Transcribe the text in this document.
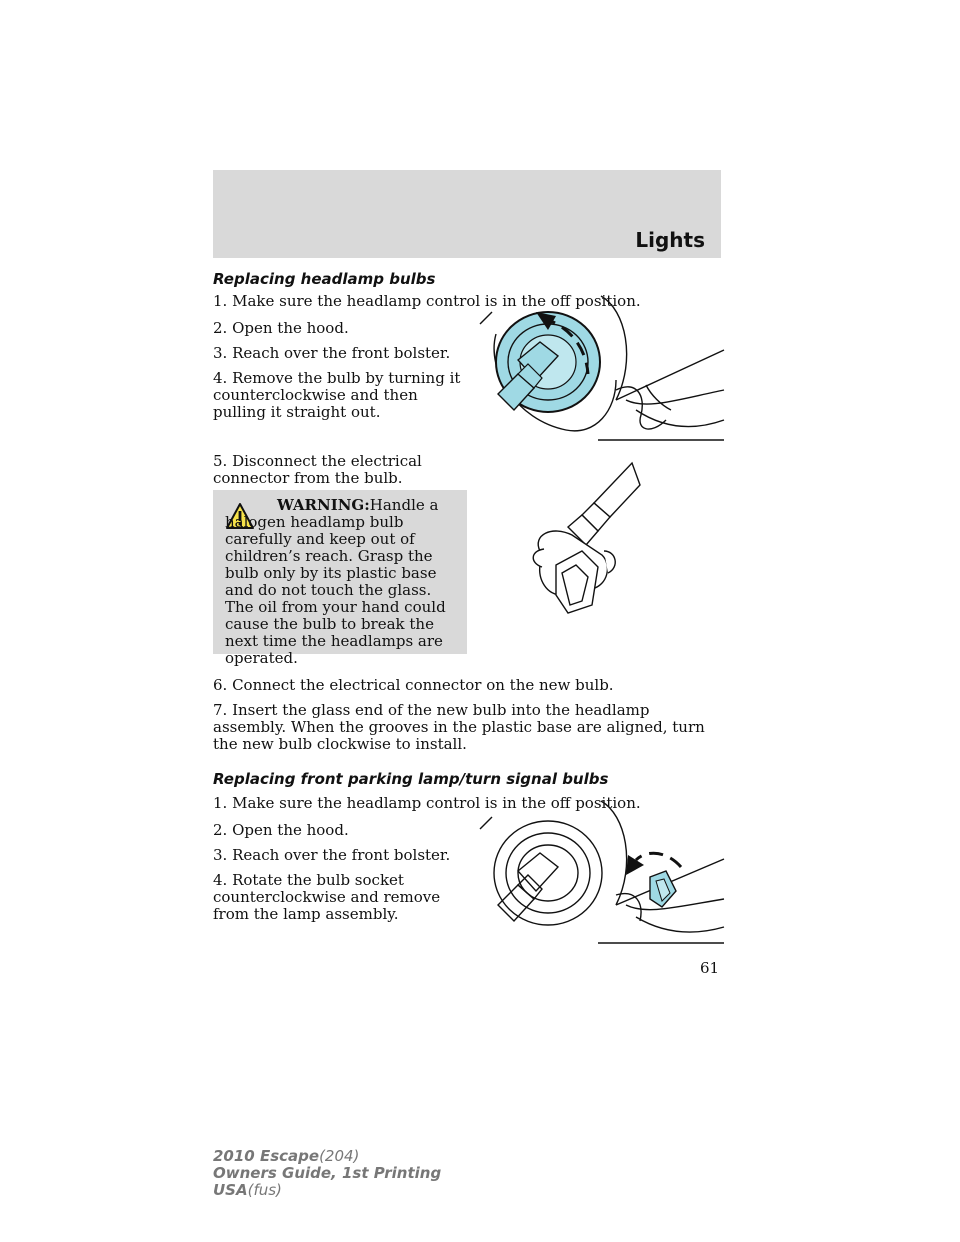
Lights

Replacing headlamp bulbs

1. Make sure the headlamp control is in the off position.

2. Open the hood.

3. Reach over the front bolster.

4. Remove the bulb by turning it counterclockwise and then pulling it straight out.

5. Disconnect the electrical connector from the bulb.

WARNING:Handle a halogen headlamp bulb carefully and keep out of children’s reach. Grasp the bulb only by its plastic base and do not touch the glass. The oil from your hand could cause the bulb to break the next time the headlamps are operated.

6. Connect the electrical connector on the new bulb.

7. Insert the glass end of the new bulb into the headlamp assembly. When the grooves in the plastic base are aligned, turn the new bulb clockwise to install.

Replacing front parking lamp/turn signal bulbs

1. Make sure the headlamp control is in the off position.

2. Open the hood.

3. Reach over the front bolster.

4. Rotate the bulb socket counterclockwise and remove from the lamp assembly.

61
2010 Escape(204)
Owners Guide, 1st Printing
USA(fus)
